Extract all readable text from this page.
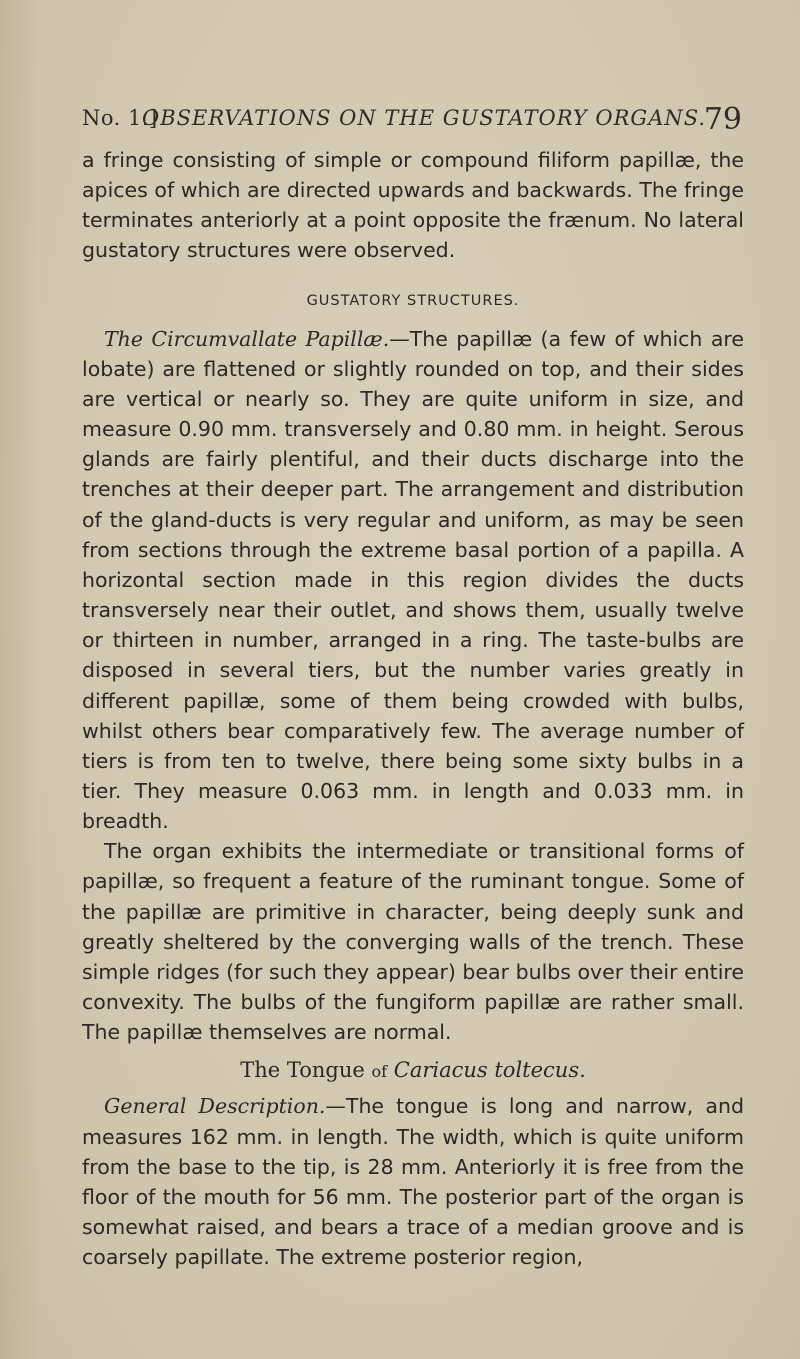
No. 1.]
OBSERVATIONS ON THE GUSTATORY ORGANS.
79

a fringe consisting of simple or compound filiform papillæ, the apices of which are directed upwards and backwards. The fringe terminates anteriorly at a point opposite the frænum. No lateral gustatory structures were observed.

GUSTATORY STRUCTURES.

The Circumvallate Papillæ.—The papillæ (a few of which are lobate) are flattened or slightly rounded on top, and their sides are vertical or nearly so. They are quite uniform in size, and measure 0.90 mm. transversely and 0.80 mm. in height. Serous glands are fairly plentiful, and their ducts discharge into the trenches at their deeper part. The arrangement and distribution of the gland-ducts is very regular and uniform, as may be seen from sections through the extreme basal portion of a papilla. A horizontal section made in this region divides the ducts transversely near their outlet, and shows them, usually twelve or thirteen in number, arranged in a ring. The taste-bulbs are disposed in several tiers, but the number varies greatly in different papillæ, some of them being crowded with bulbs, whilst others bear comparatively few. The average number of tiers is from ten to twelve, there being some sixty bulbs in a tier. They measure 0.063 mm. in length and 0.033 mm. in breadth.

The organ exhibits the intermediate or transitional forms of papillæ, so frequent a feature of the ruminant tongue. Some of the papillæ are primitive in character, being deeply sunk and greatly sheltered by the converging walls of the trench. These simple ridges (for such they appear) bear bulbs over their entire convexity. The bulbs of the fungiform papillæ are rather small. The papillæ themselves are normal.

The Tongue of Cariacus toltecus.

General Description.—The tongue is long and narrow, and measures 162 mm. in length. The width, which is quite uniform from the base to the tip, is 28 mm. Anteriorly it is free from the floor of the mouth for 56 mm. The posterior part of the organ is somewhat raised, and bears a trace of a median groove and is coarsely papillate. The extreme posterior region,
